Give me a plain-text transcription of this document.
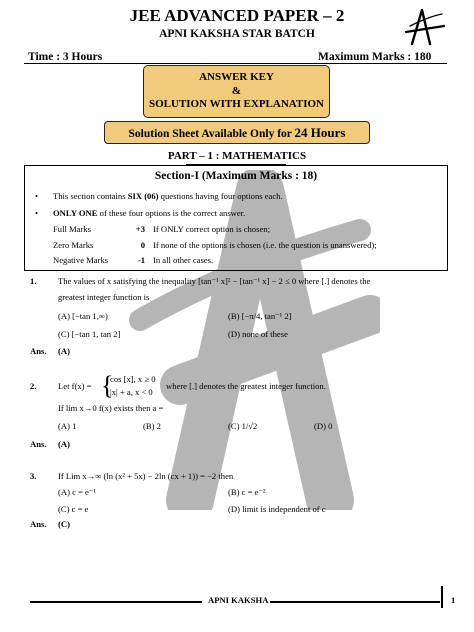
JEE ADVANCED PAPER – 2
APNI KAKSHA STAR BATCH
Time : 3 Hours	Maximum Marks : 180
ANSWER KEY
&
SOLUTION WITH EXPLANATION
Solution Sheet Available Only for 24 Hours
PART – 1 : MATHEMATICS
Section-I (Maximum Marks : 18)
• This section contains SIX (06) questions having four options each.
• ONLY ONE of these four options is the correct answer.
Full Marks	+3 If ONLY correct option is chosen;
Zero Marks	0 If none of the options is chosen (i.e. the question is unanswered);
Negative Marks	-1 In all other cases.
1.	The values of x satisfying the inequality [tan⁻¹ x]² − [tan⁻¹ x] − 2 ≤ 0 where [.] denotes the
greatest integer function is
(A) [−tan 1,∞)	(B) [−π/4, tan⁻¹ 2]
(C) [−tan 1, tan 2]	(D) none of these
Ans. (A)
2.	Let f(x) = {
cos [x], x ≥ 0
|x| + a, x < 0
where [.] denotes the greatest integer function.
If lim x→0 f(x) exists then a =
(A) 1	(B) 2	(C) 1/√2	(D) 0
Ans. (A)
3.	If Lim x→∞ (ln (x² + 5x) − 2ln (cx + 1)) = −2 then
(A) c = e⁻¹	(B) c = e⁻²
(C) c = e	(D) limit is independent of c
Ans. (C)
APNI KAKSHA	1
